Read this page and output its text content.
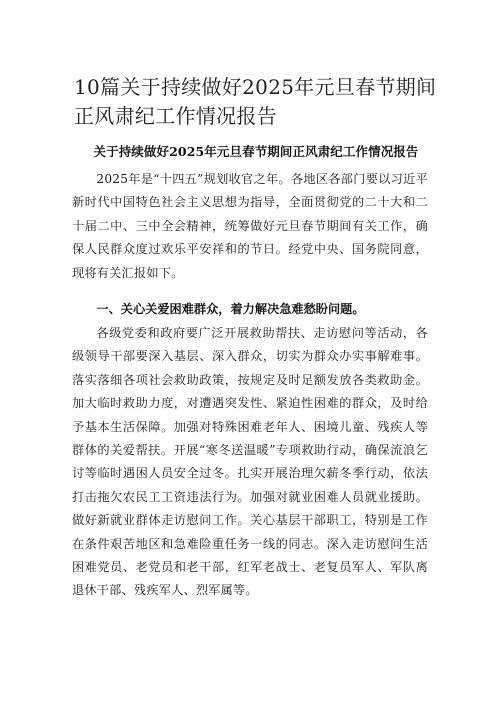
10篇关于持续做好2025年元旦春节期间正风肃纪工作情况报告
关于持续做好2025年元旦春节期间正风肃纪工作情况报告

2025年是“十四五”规划收官之年。各地区各部门要以习近平新时代中国特色社会主义思想为指导，全面贯彻党的二十大和二十届二中、三中全会精神，统筹做好元旦春节期间有关工作，确保人民群众度过欢乐平安祥和的节日。经党中央、国务院同意，现将有关汇报如下。

一、关心关爱困难群众，着力解决急难愁盼问题。

各级党委和政府要广泛开展救助帮扶、走访慰问等活动，各级领导干部要深入基层、深入群众，切实为群众办实事解难事。落实落细各项社会救助政策，按规定及时足额发放各类救助金。加大临时救助力度，对遭遇突发性、紧迫性困难的群众，及时给予基本生活保障。加强对特殊困难老年人、困境儿童、残疾人等群体的关爱帮扶。开展“寒冬送温暖”专项救助行动，确保流浪乞讨等临时遇困人员安全过冬。扎实开展治理欠薪冬季行动，依法打击拖欠农民工工资违法行为。加强对就业困难人员就业援助。做好新就业群体走访慰问工作。关心基层干部职工，特别是工作在条件艰苦地区和急难险重任务一线的同志。深入走访慰问生活困难党员、老党员和老干部，红军老战士、老复员军人、军队离退休干部、残疾军人、烈军属等。
